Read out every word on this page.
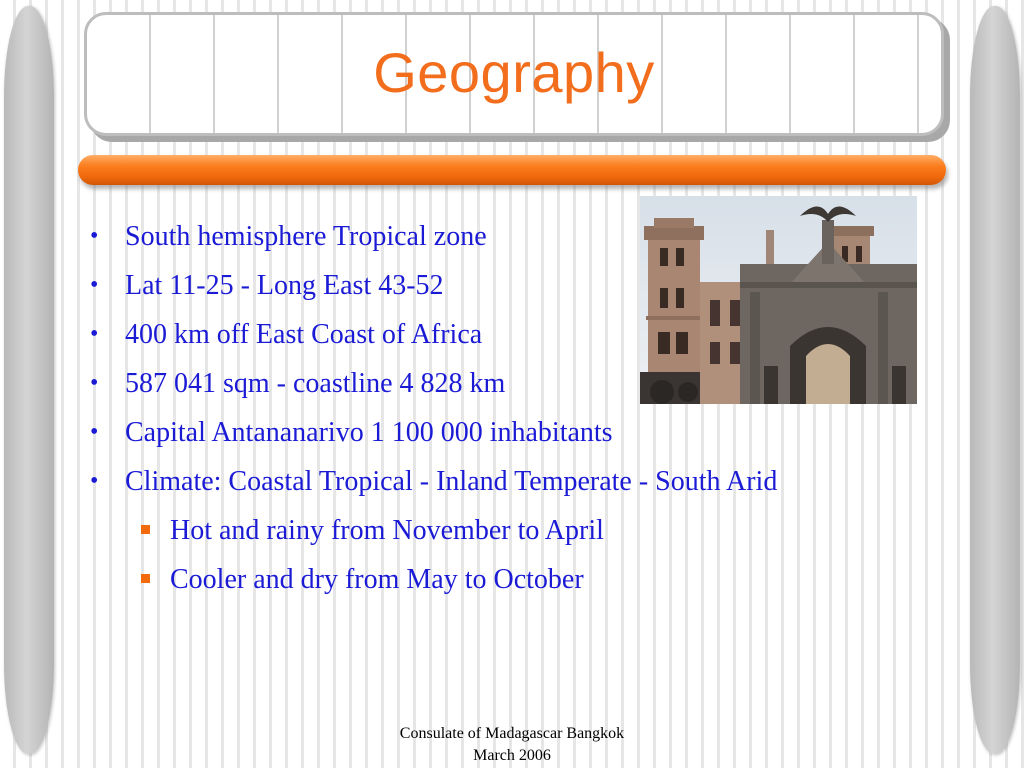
Geography
• South hemisphere Tropical zone
• Lat 11-25 - Long East 43-52
• 400 km off East Coast of Africa
• 587 041 sqm - coastline 4 828 km
• Capital Antananarivo 1 100 000 inhabitants
• Climate: Coastal Tropical - Inland Temperate - South Arid
Hot and rainy from November to April
Cooler and dry from May to October
Consulate of Madagascar Bangkok
March 2006
